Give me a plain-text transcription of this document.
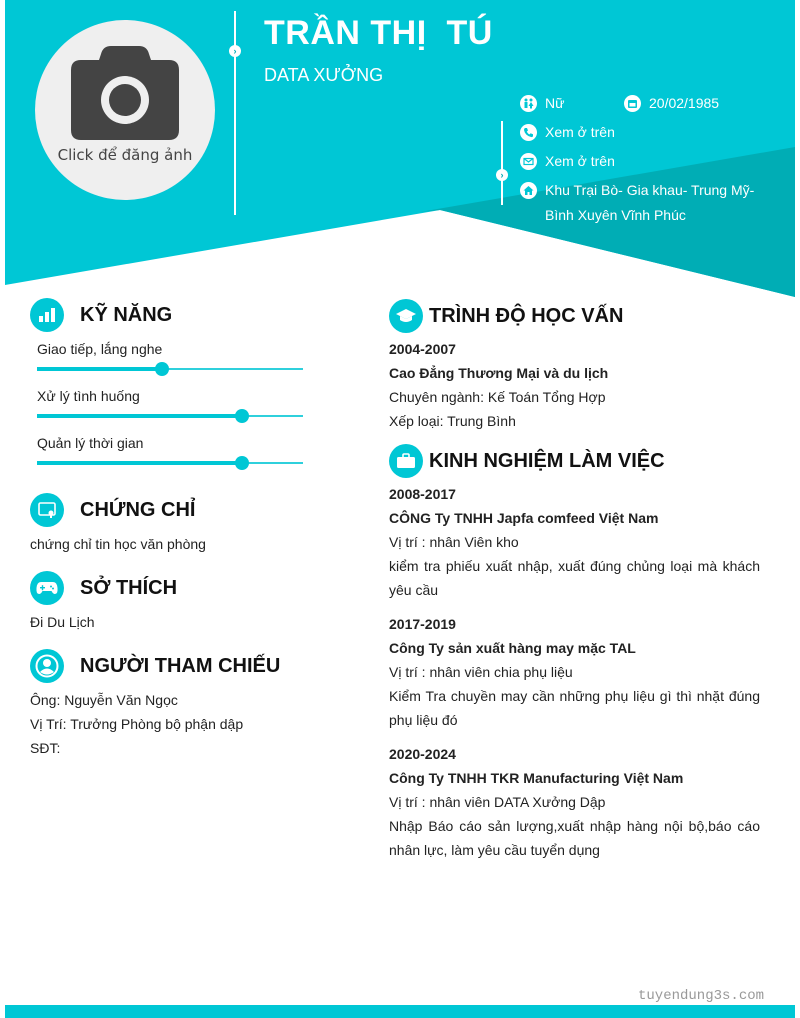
Click để đăng ảnh
›
›
TRẦN THỊ  TÚ
DATA XƯỞNG
Nữ	20/02/1985
Xem ở trên
Xem ở trên
Khu Trại Bò- Gia khau- Trung Mỹ-
Bình Xuyên Vĩnh Phúc
KỸ NĂNG
Giao tiếp, lắng nghe
Xử lý tình huống
Quản lý thời gian
CHỨNG CHỈ
chứng chỉ tin học văn phòng
SỞ THÍCH
Đi Du Lịch
NGƯỜI THAM CHIẾU
Ông: Nguyễn Văn Ngọc
Vị Trí: Trưởng Phòng bộ phận dập
SĐT:
TRÌNH ĐỘ HỌC VẤN
2004-2007
Cao Đẳng Thương Mại và du lịch
Chuyên ngành: Kế Toán Tổng Hợp
Xếp loại: Trung Bình
KINH NGHIỆM LÀM VIỆC
2008-2017
CÔNG Ty TNHH Japfa comfeed Việt Nam
Vị trí : nhân Viên kho
kiểm tra phiếu xuất nhập, xuất đúng chủng loại mà khách yêu cầu
2017-2019
Công Ty sản xuất hàng may mặc TAL
Vị trí : nhân viên chia phụ liệu
Kiểm Tra chuyền may cần những phụ liệu gì thì nhặt đúng phụ liệu đó
2020-2024
Công Ty TNHH TKR Manufacturing Việt Nam
Vị trí : nhân viên DATA Xưởng Dập
Nhập Báo cáo sản lượng,xuất nhập hàng nội bộ,báo cáo nhân lực, làm yêu cầu tuyển dụng
tuyendung3s.com
